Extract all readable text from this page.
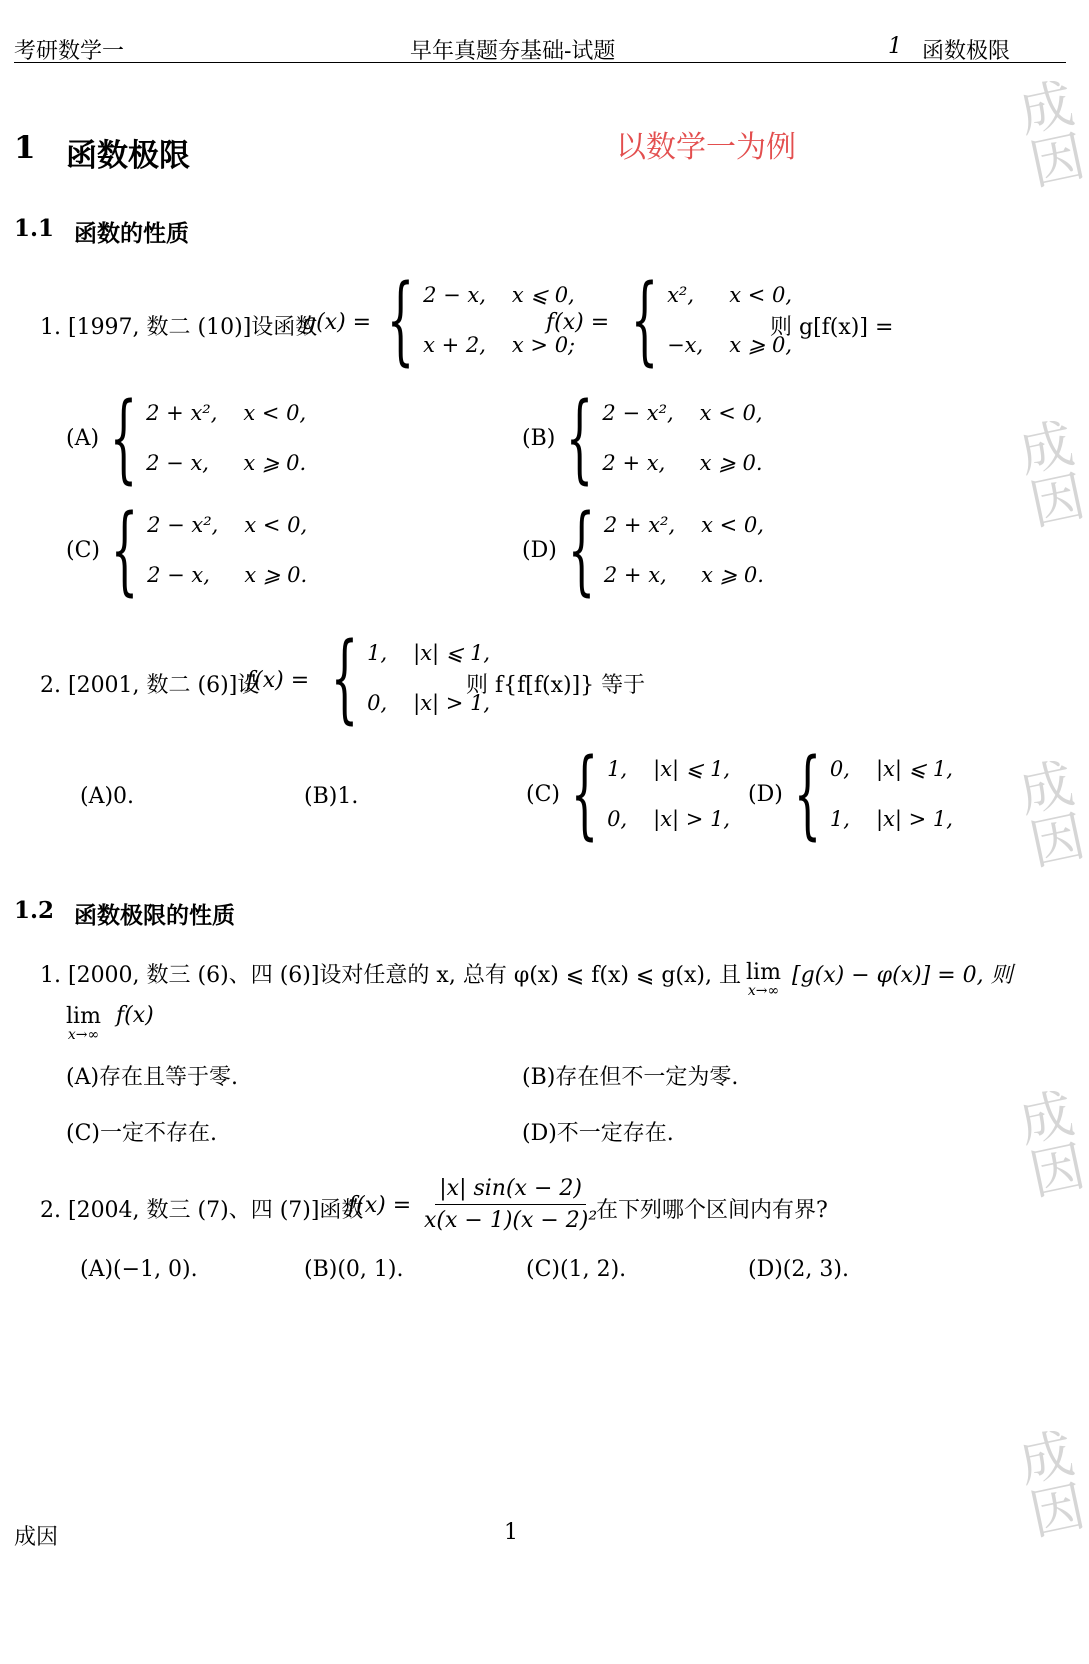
考研数学一	早年真题夯基础-试题	1 函数极限
成因
成因
成因
成因
成因
1 函数极限	以数学一为例
1.1 函数的性质
1. [1997, 数二 (10)]设函数
g(x) = { 2 − x, x ⩽ 0,
x + 2, x > 0;
f(x) = { x²,	x < 0,
−x, x ⩾ 0,
则 g[f(x)] =
(A) { 2 + x², x < 0,
2 − x,	x ⩾ 0.
(B) { 2 − x², x < 0,
2 + x,	x ⩾ 0.
(C) { 2 − x², x < 0,
2 − x,	x ⩾ 0.
(D) { 2 + x², x < 0,
2 + x,	x ⩾ 0.
2. [2001, 数二 (6)]设
f(x) = { 1, |x| ⩽ 1,
0, |x| > 1,
则 f{f[f(x)]} 等于
(A)0.	(B)1.	(C) { 1, |x| ⩽ 1,
0, |x| > 1,
(D) { 0, |x| ⩽ 1,
1, |x| > 1,
1.2 函数极限的性质
1. [2000, 数三 (6)、四 (6)]设对任意的 x, 总有 φ(x) ⩽ f(x) ⩽ g(x), 且 lim
x→∞
[g(x) − φ(x)] = 0, 则
lim
x→∞
f(x)
(A)存在且等于零.	(B)存在但不一定为零.
(C)一定不存在.	(D)不一定存在.
2. [2004, 数三 (7)、四 (7)]函数
$f(x) = \frac{|x| \sin(x - 2)}{\text{x(x − 1)(x − 2)²}}$
在下列哪个区间内有界?
(A)(−1, 0).	(B)(0, 1).	(C)(1, 2).	(D)(2, 3).
成因	1
